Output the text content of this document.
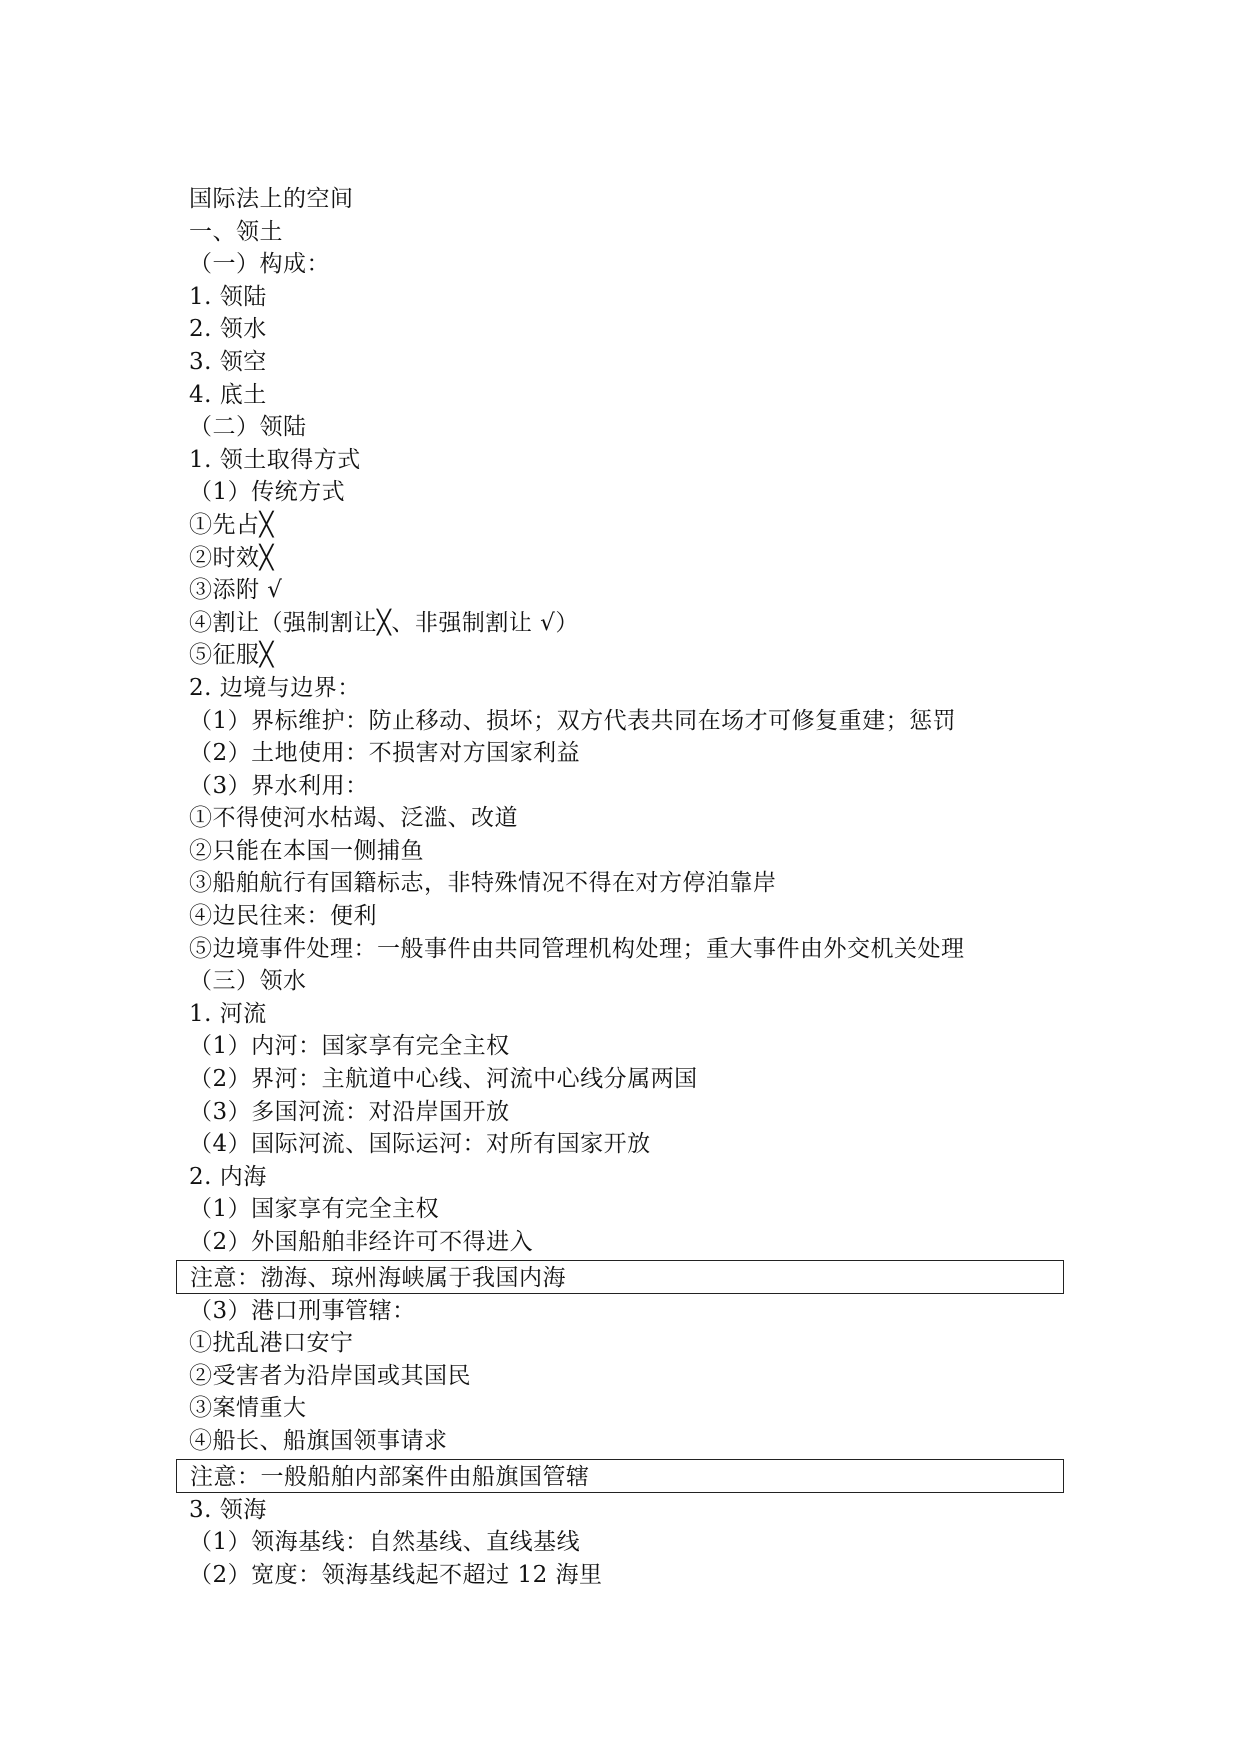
国际法上的空间
一、领土
（一）构成：
1. 领陆
2. 领水
3. 领空
4. 底土
（二）领陆
1. 领土取得方式
（1）传统方式
①先占╳
②时效╳
③添附 √
④割让（强制割让╳、非强制割让 √）
⑤征服╳
2. 边境与边界：
（1）界标维护：防止移动、损坏；双方代表共同在场才可修复重建；惩罚
（2）土地使用：不损害对方国家利益
（3）界水利用：
①不得使河水枯竭、泛滥、改道
②只能在本国一侧捕鱼
③船舶航行有国籍标志，非特殊情况不得在对方停泊靠岸
④边民往来：便利
⑤边境事件处理：一般事件由共同管理机构处理；重大事件由外交机关处理
（三）领水
1. 河流
（1）内河：国家享有完全主权
（2）界河：主航道中心线、河流中心线分属两国
（3）多国河流：对沿岸国开放
（4）国际河流、国际运河：对所有国家开放
2. 内海
（1）国家享有完全主权
（2）外国船舶非经许可不得进入
注意：渤海、琼州海峡属于我国内海
（3）港口刑事管辖：
①扰乱港口安宁
②受害者为沿岸国或其国民
③案情重大
④船长、船旗国领事请求
注意：一般船舶内部案件由船旗国管辖
3. 领海
（1）领海基线：自然基线、直线基线
（2）宽度：领海基线起不超过 12 海里
